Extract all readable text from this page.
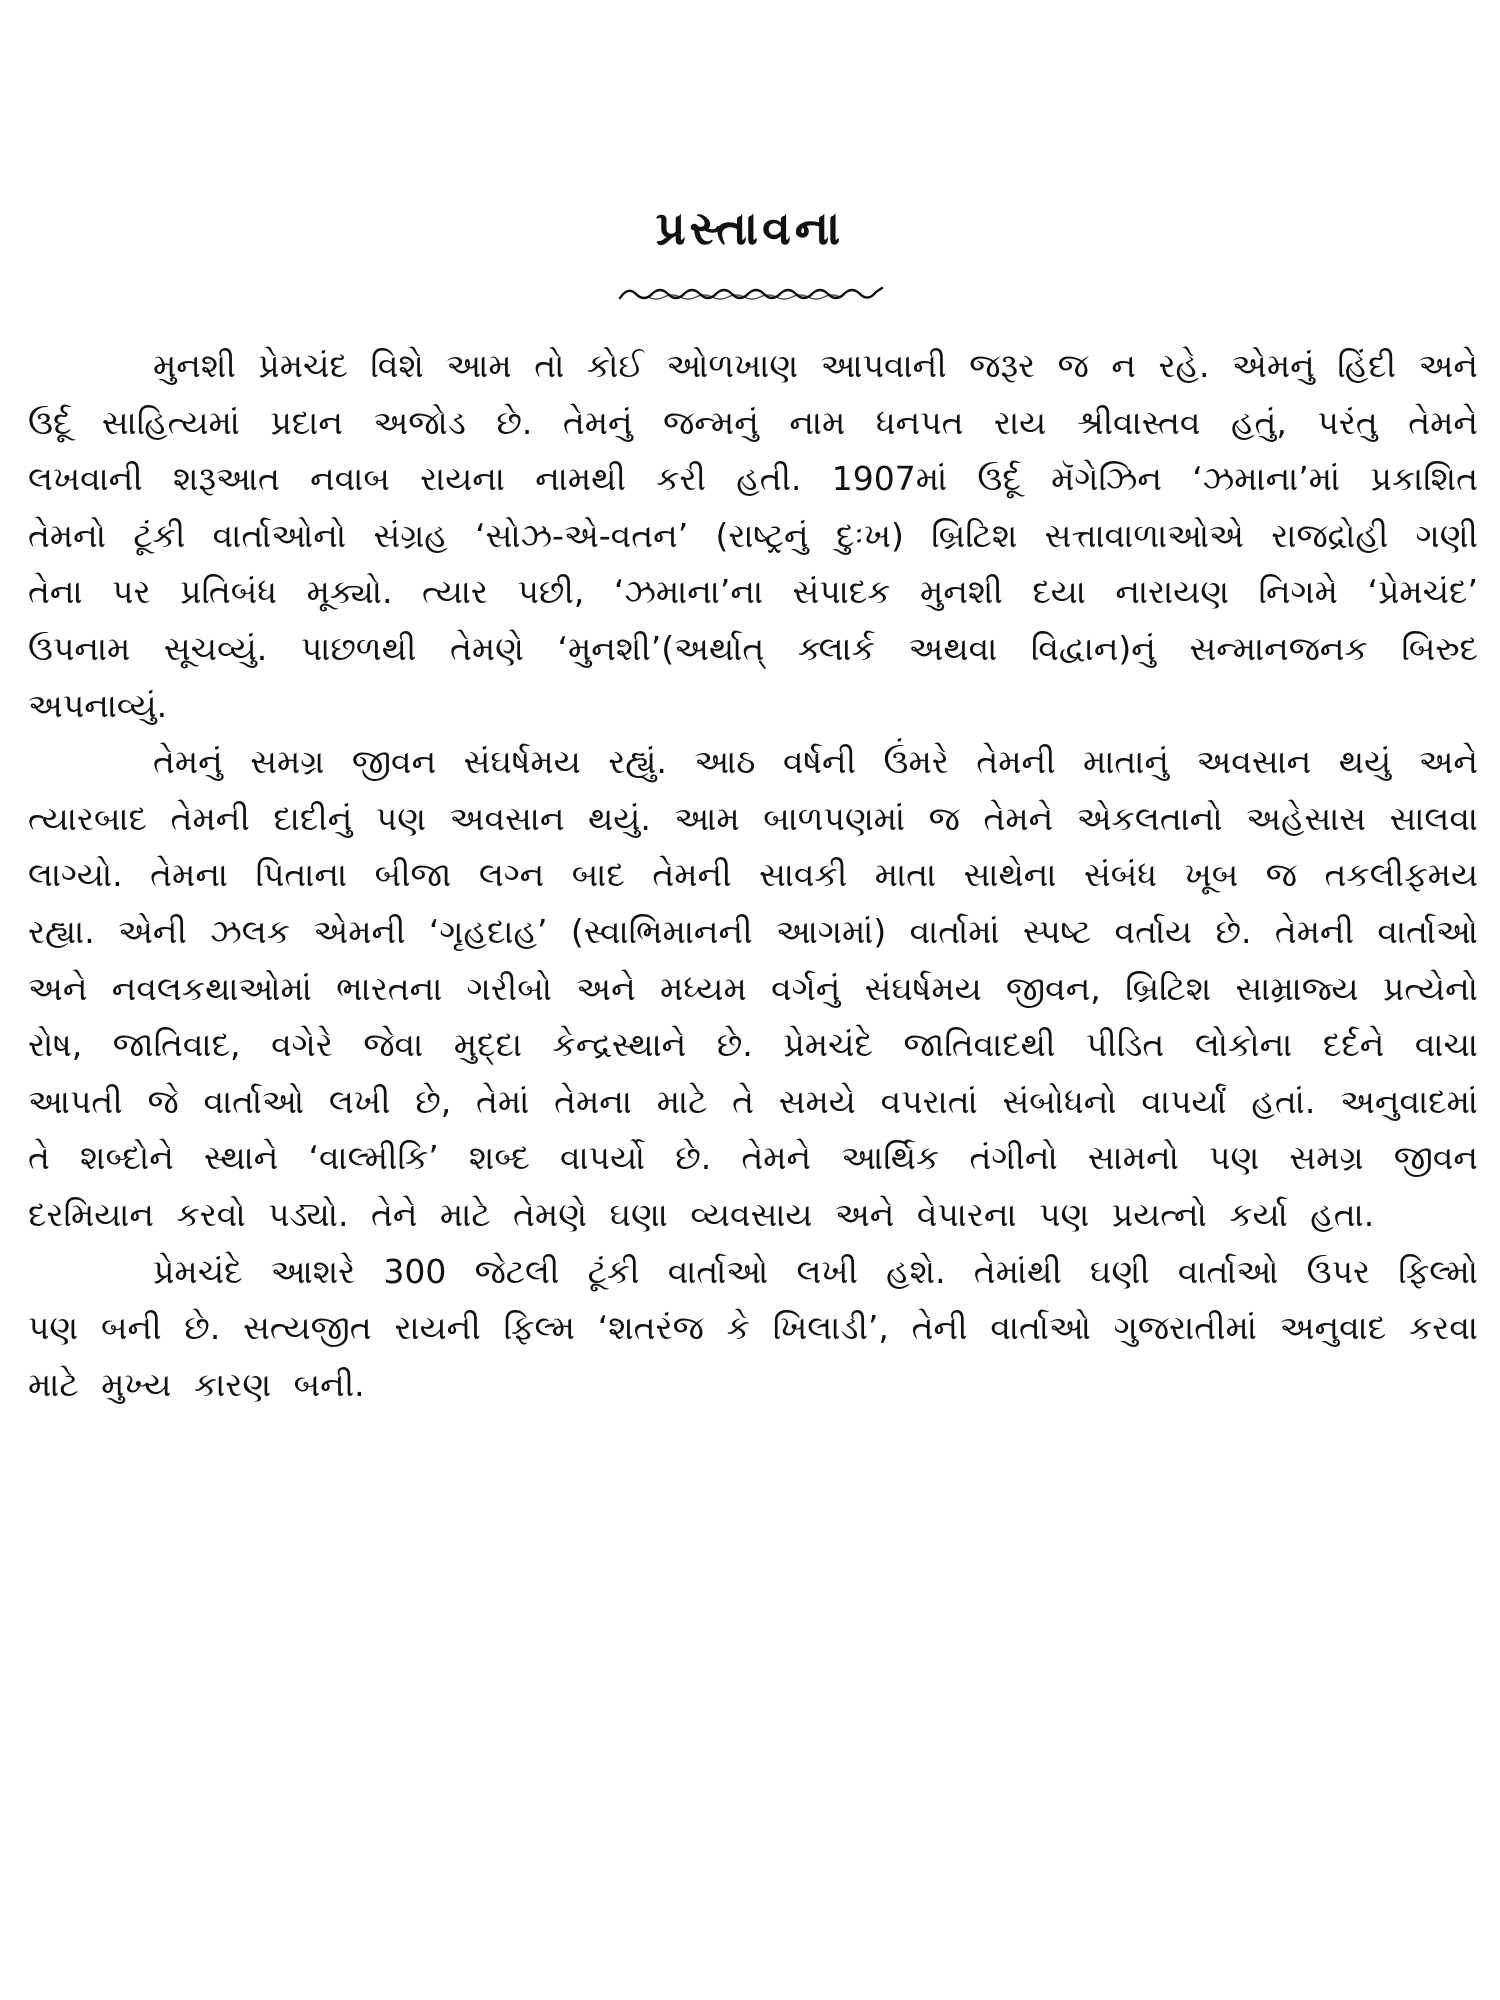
પ્રસ્તાવના

મુનશી પ્રેમચંદ વિશે આમ તો કોઈ ઓળખાણ આપવાની જરૂર જ ન રહે. એમનું હિંદી અને ઉર્દૂ સાહિત્યમાં પ્રદાન અજોડ છે. તેમનું જન્મનું નામ ધનપત રાય શ્રીવાસ્તવ હતું, પરંતુ તેમને લખવાની શરૂઆત નવાબ રાયના નામથી કરી હતી. 1907માં ઉર્દૂ મૅગેઝિન ‘ઝમાના’માં પ્રકાશિત તેમનો ટૂંકી વાર્તાઓનો સંગ્રહ ‘સોઝ-એ-વતન’ (રાષ્ટ્રનું દુઃખ) બ્રિટિશ સત્તાવાળાઓએ રાજદ્રોહી ગણી તેના પર પ્રતિબંધ મૂક્યો. ત્યાર પછી, ‘ઝમાના’ના સંપાદક મુનશી દયા નારાયણ નિગમે ‘પ્રેમચંદ’ ઉપનામ સૂચવ્યું. પાછળથી તેમણે ‘મુનશી’(અર્થાત્ ક્લાર્ક અથવા વિદ્વાન)નું સન્માનજનક બિરુદ અપનાવ્યું.

તેમનું સમગ્ર જીવન સંઘર્ષમય રહ્યું. આઠ વર્ષની ઉંમરે તેમની માતાનું અવસાન થયું અને ત્યારબાદ તેમની દાદીનું પણ અવસાન થયું. આમ બાળપણમાં જ તેમને એકલતાનો અહેસાસ સાલવા લાગ્યો. તેમના પિતાના બીજા લગ્ન બાદ તેમની સાવકી માતા સાથેના સંબંધ ખૂબ જ તકલીફમય રહ્યા. એની ઝલક એમની ‘ગૃહદાહ’ (સ્વાભિમાનની આગમાં) વાર્તામાં સ્પષ્ટ વર્તાય છે. તેમની વાર્તાઓ અને નવલકથાઓમાં ભારતના ગરીબો અને મધ્યમ વર્ગનું સંઘર્ષમય જીવન, બ્રિટિશ સામ્રાજ્ય પ્રત્યેનો રોષ, જાતિવાદ, વગેરે જેવા મુદ્દા કેન્દ્રસ્થાને છે. પ્રેમચંદે જાતિવાદથી પીડિત લોકોના દર્દને વાચા આપતી જે વાર્તાઓ લખી છે, તેમાં તેમના માટે તે સમયે વપરાતાં સંબોધનો વાપર્યાં હતાં. અનુવાદમાં તે શબ્દોને સ્થાને ‘વાલ્મીકિ’ શબ્દ વાપર્યો છે. તેમને આર્થિક તંગીનો સામનો પણ સમગ્ર જીવન દરમિયાન કરવો પડ્યો. તેને માટે તેમણે ઘણા વ્યવસાય અને વેપારના પણ પ્રયત્નો કર્યા હતા.

પ્રેમચંદે આશરે 300 જેટલી ટૂંકી વાર્તાઓ લખી હશે. તેમાંથી ઘણી વાર્તાઓ ઉપર ફિલ્મો પણ બની છે. સત્યજીત રાયની ફિલ્મ ‘શતરંજ કે ખિલાડી’, તેની વાર્તાઓ ગુજરાતીમાં અનુવાદ કરવા માટે મુખ્ય કારણ બની.
